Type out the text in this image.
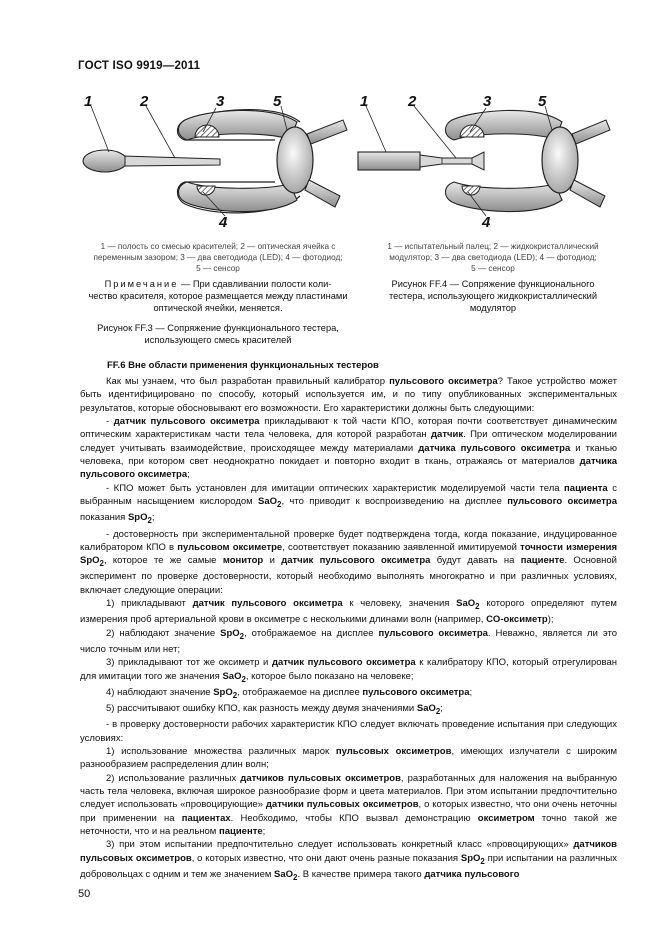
ГОСТ ISO 9919—2011
1	2	3	5
4
1 — полость со смесью красителей; 2 — оптическая ячейка с
переменным зазором; 3 — два светодиода (LED); 4 — фотодиод;
5 — сенсор
Примечание — При сдавливании полости коли-
чество красителя, которое размещается между пластинами
оптической ячейки, меняется.
Рисунок FF.3 — Сопряжение функционального тестера,
использующего смесь красителей
1	2	3	5
4
1 — испытательный палец; 2 — жидкокристаллический
модулятор; 3 — два светодиода (LED); 4 — фотодиод;
5 — сенсор
Рисунок FF.4 — Сопряжение функционального
тестера, использующего жидкокристаллический
модулятор
FF.6 Вне области применения функциональных тестеров

Как мы узнаем, что был разработан правильный калибратор пульсового оксиметра? Такое устройство может быть идентифицировано по способу, который используется им, и по типу опубликованных экспериментальных результатов, которые обосновывают его возможности. Его характеристики должны быть следующими:

- датчик пульсового оксиметра прикладывают к той части КПО, которая почти соответствует динамическим оптическим характеристикам части тела человека, для которой разработан датчик. При оптическом моделировании следует учитывать взаимодействие, происходящее между материалами датчика пульсового оксиметра и тканью человека, при котором свет неоднократно покидает и повторно входит в ткань, отражаясь от материалов датчика пульсового оксиметра;

- КПО может быть установлен для имитации оптических характеристик моделируемой части тела пациента с выбранным насыщением кислородом SaO$_2$, что приводит к воспроизведению на дисплее пульсового оксиметра показания SpO$_2$;

- достоверность при экспериментальной проверке будет подтверждена тогда, когда показание, индуцированное калибратором КПО в пульсовом оксиметре, соответствует показанию заявленной имитируемой точности измерения SpO$_2$, которое те же самые монитор и датчик пульсового оксиметра будут давать на пациенте. Основной эксперимент по проверке достоверности, который необходимо выполнять многократно и при различных условиях, включает следующие операции:

1) прикладывают датчик пульсового оксиметра к человеку, значения SaO$_2$ которого определяют путем измерения проб артериальной крови в оксиметре с несколькими длинами волн (например, CO-оксиметр);

2) наблюдают значение SpO$_2$, отображаемое на дисплее пульсового оксиметра. Неважно, является ли это число точным или нет;

3) прикладывают тот же оксиметр и датчик пульсового оксиметра к калибратору КПО, который отрегулирован для имитации того же значения SaO$_2$, которое было показано на человеке;

4) наблюдают значение SpO$_2$, отображаемое на дисплее пульсового оксиметра;

5) рассчитывают ошибку КПО, как разность между двумя значениями SaO$_2$;

- в проверку достоверности рабочих характеристик КПО следует включать проведение испытания при следующих условиях:

1) использование множества различных марок пульсовых оксиметров, имеющих излучатели с широким разнообразием распределения длин волн;

2) использование различных датчиков пульсовых оксиметров, разработанных для наложения на выбранную часть тела человека, включая широкое разнообразие форм и цвета материалов. При этом испытании предпочтительно следует использовать «провоцирующие» датчики пульсовых оксиметров, о которых известно, что они очень неточны при применении на пациентах. Необходимо, чтобы КПО вызвал демонстрацию оксиметром точно такой же неточности, что и на реальном пациенте;

3) при этом испытании предпочтительно следует использовать конкретный класс «провоцирующих» датчиков пульсовых оксиметров, о которых известно, что они дают очень разные показания SpO$_2$ при испытании на различных добровольцах с одним и тем же значением SaO$_2$. В качестве примера такого датчика пульсового

50
